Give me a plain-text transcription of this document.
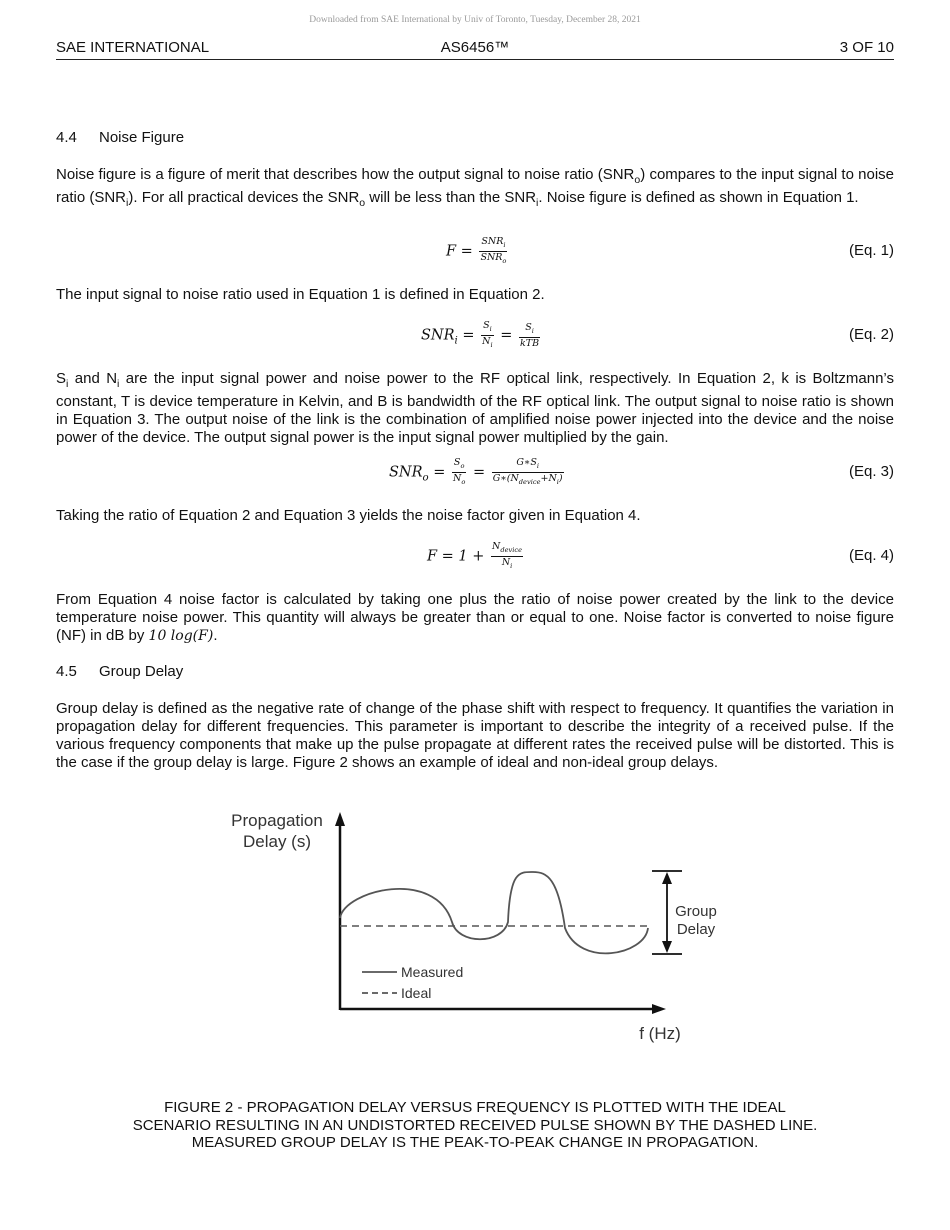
Downloaded from SAE International by Univ of Toronto, Tuesday, December 28, 2021
SAE INTERNATIONAL	AS6456™	3 OF 10
4.4 Noise Figure
Noise figure is a figure of merit that describes how the output signal to noise ratio $(SNR_o)$ compares to the input signal to noise ratio $(SNR_i)$. For all practical devices the $SNR_o$ will be less than the $SNR_i$. Noise figure is defined as shown in Equation 1.
$F = \frac{SNR_i}{SNR_o}$	(Eq. 1)
The input signal to noise ratio used in Equation 1 is defined in Equation 2.
$SNR_i = \frac{S_i}{N_i} = \frac{S_i}{\text{kTB}}$	(Eq. 2)
$S_i$ and $N_i$ are the input signal power and noise power to the RF optical link, respectively. In Equation 2, k is Boltzmann’s constant, T is device temperature in Kelvin, and B is bandwidth of the RF optical link. The output signal to noise ratio is shown in Equation 3. The output noise of the link is the combination of amplified noise power injected into the device and the noise power of the device. The output signal power is the input signal power multiplied by the gain.
$SNR_o = \frac{S_o}{N_o} = \frac{G∗S_i}{G∗(N_{device}+N_i)}$	(Eq. 3)
Taking the ratio of Equation 2 and Equation 3 yields the noise factor given in Equation 4.
$F = 1 + \frac{N_{device}}{N_i}$	(Eq. 4)
From Equation 4 noise factor is calculated by taking one plus the ratio of noise power created by the link to the device temperature noise power. This quantity will always be greater than or equal to one. Noise factor is converted to noise figure (NF) in dB by 10 log(F).
4.5 Group Delay
Group delay is defined as the negative rate of change of the phase shift with respect to frequency. It quantifies the variation in propagation delay for different frequencies. This parameter is important to describe the integrity of a received pulse. If the various frequency components that make up the pulse propagate at different rates the received pulse will be distorted. This is the case if the group delay is large. Figure 2 shows an example of ideal and non-ideal group delays.
Propagation
Delay (s)
f (Hz)
Group
Delay
Measured
Ideal
FIGURE 2 - PROPAGATION DELAY VERSUS FREQUENCY IS PLOTTED WITH THE IDEAL
SCENARIO RESULTING IN AN UNDISTORTED RECEIVED PULSE SHOWN BY THE DASHED LINE.
MEASURED GROUP DELAY IS THE PEAK-TO-PEAK CHANGE IN PROPAGATION.
